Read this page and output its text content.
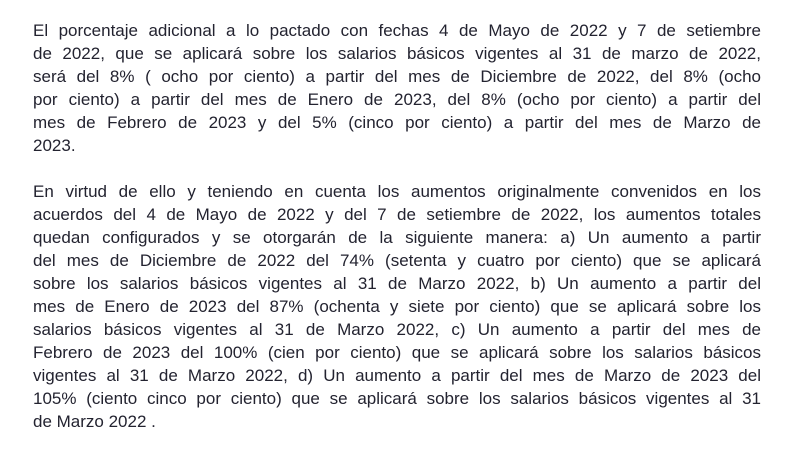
El porcentaje adicional a lo pactado con fechas 4 de Mayo de 2022 y 7 de setiembre
de 2022, que se aplicará sobre los salarios básicos vigentes al 31 de marzo de 2022,
será del 8% ( ocho por ciento) a partir del mes de Diciembre de 2022, del 8% (ocho
por ciento) a partir del mes de Enero de 2023, del 8% (ocho por ciento) a partir del
mes de Febrero de 2023 y del 5% (cinco por ciento) a partir del mes de Marzo de
2023.
En virtud de ello y teniendo en cuenta los aumentos originalmente convenidos en los
acuerdos del 4 de Mayo de 2022 y del 7 de setiembre de 2022, los aumentos totales
quedan configurados y se otorgarán de la siguiente manera: a) Un aumento a partir
del mes de Diciembre de 2022 del 74% (setenta y cuatro por ciento) que se aplicará
sobre los salarios básicos vigentes al 31 de Marzo 2022, b) Un aumento a partir del
mes de Enero de 2023 del 87% (ochenta y siete por ciento) que se aplicará sobre los
salarios básicos vigentes al 31 de Marzo 2022, c) Un aumento a partir del mes de
Febrero de 2023 del 100% (cien por ciento) que se aplicará sobre los salarios básicos
vigentes al 31 de Marzo 2022, d) Un aumento a partir del mes de Marzo de 2023 del
105% (ciento cinco por ciento) que se aplicará sobre los salarios básicos vigentes al 31
de Marzo 2022 .
